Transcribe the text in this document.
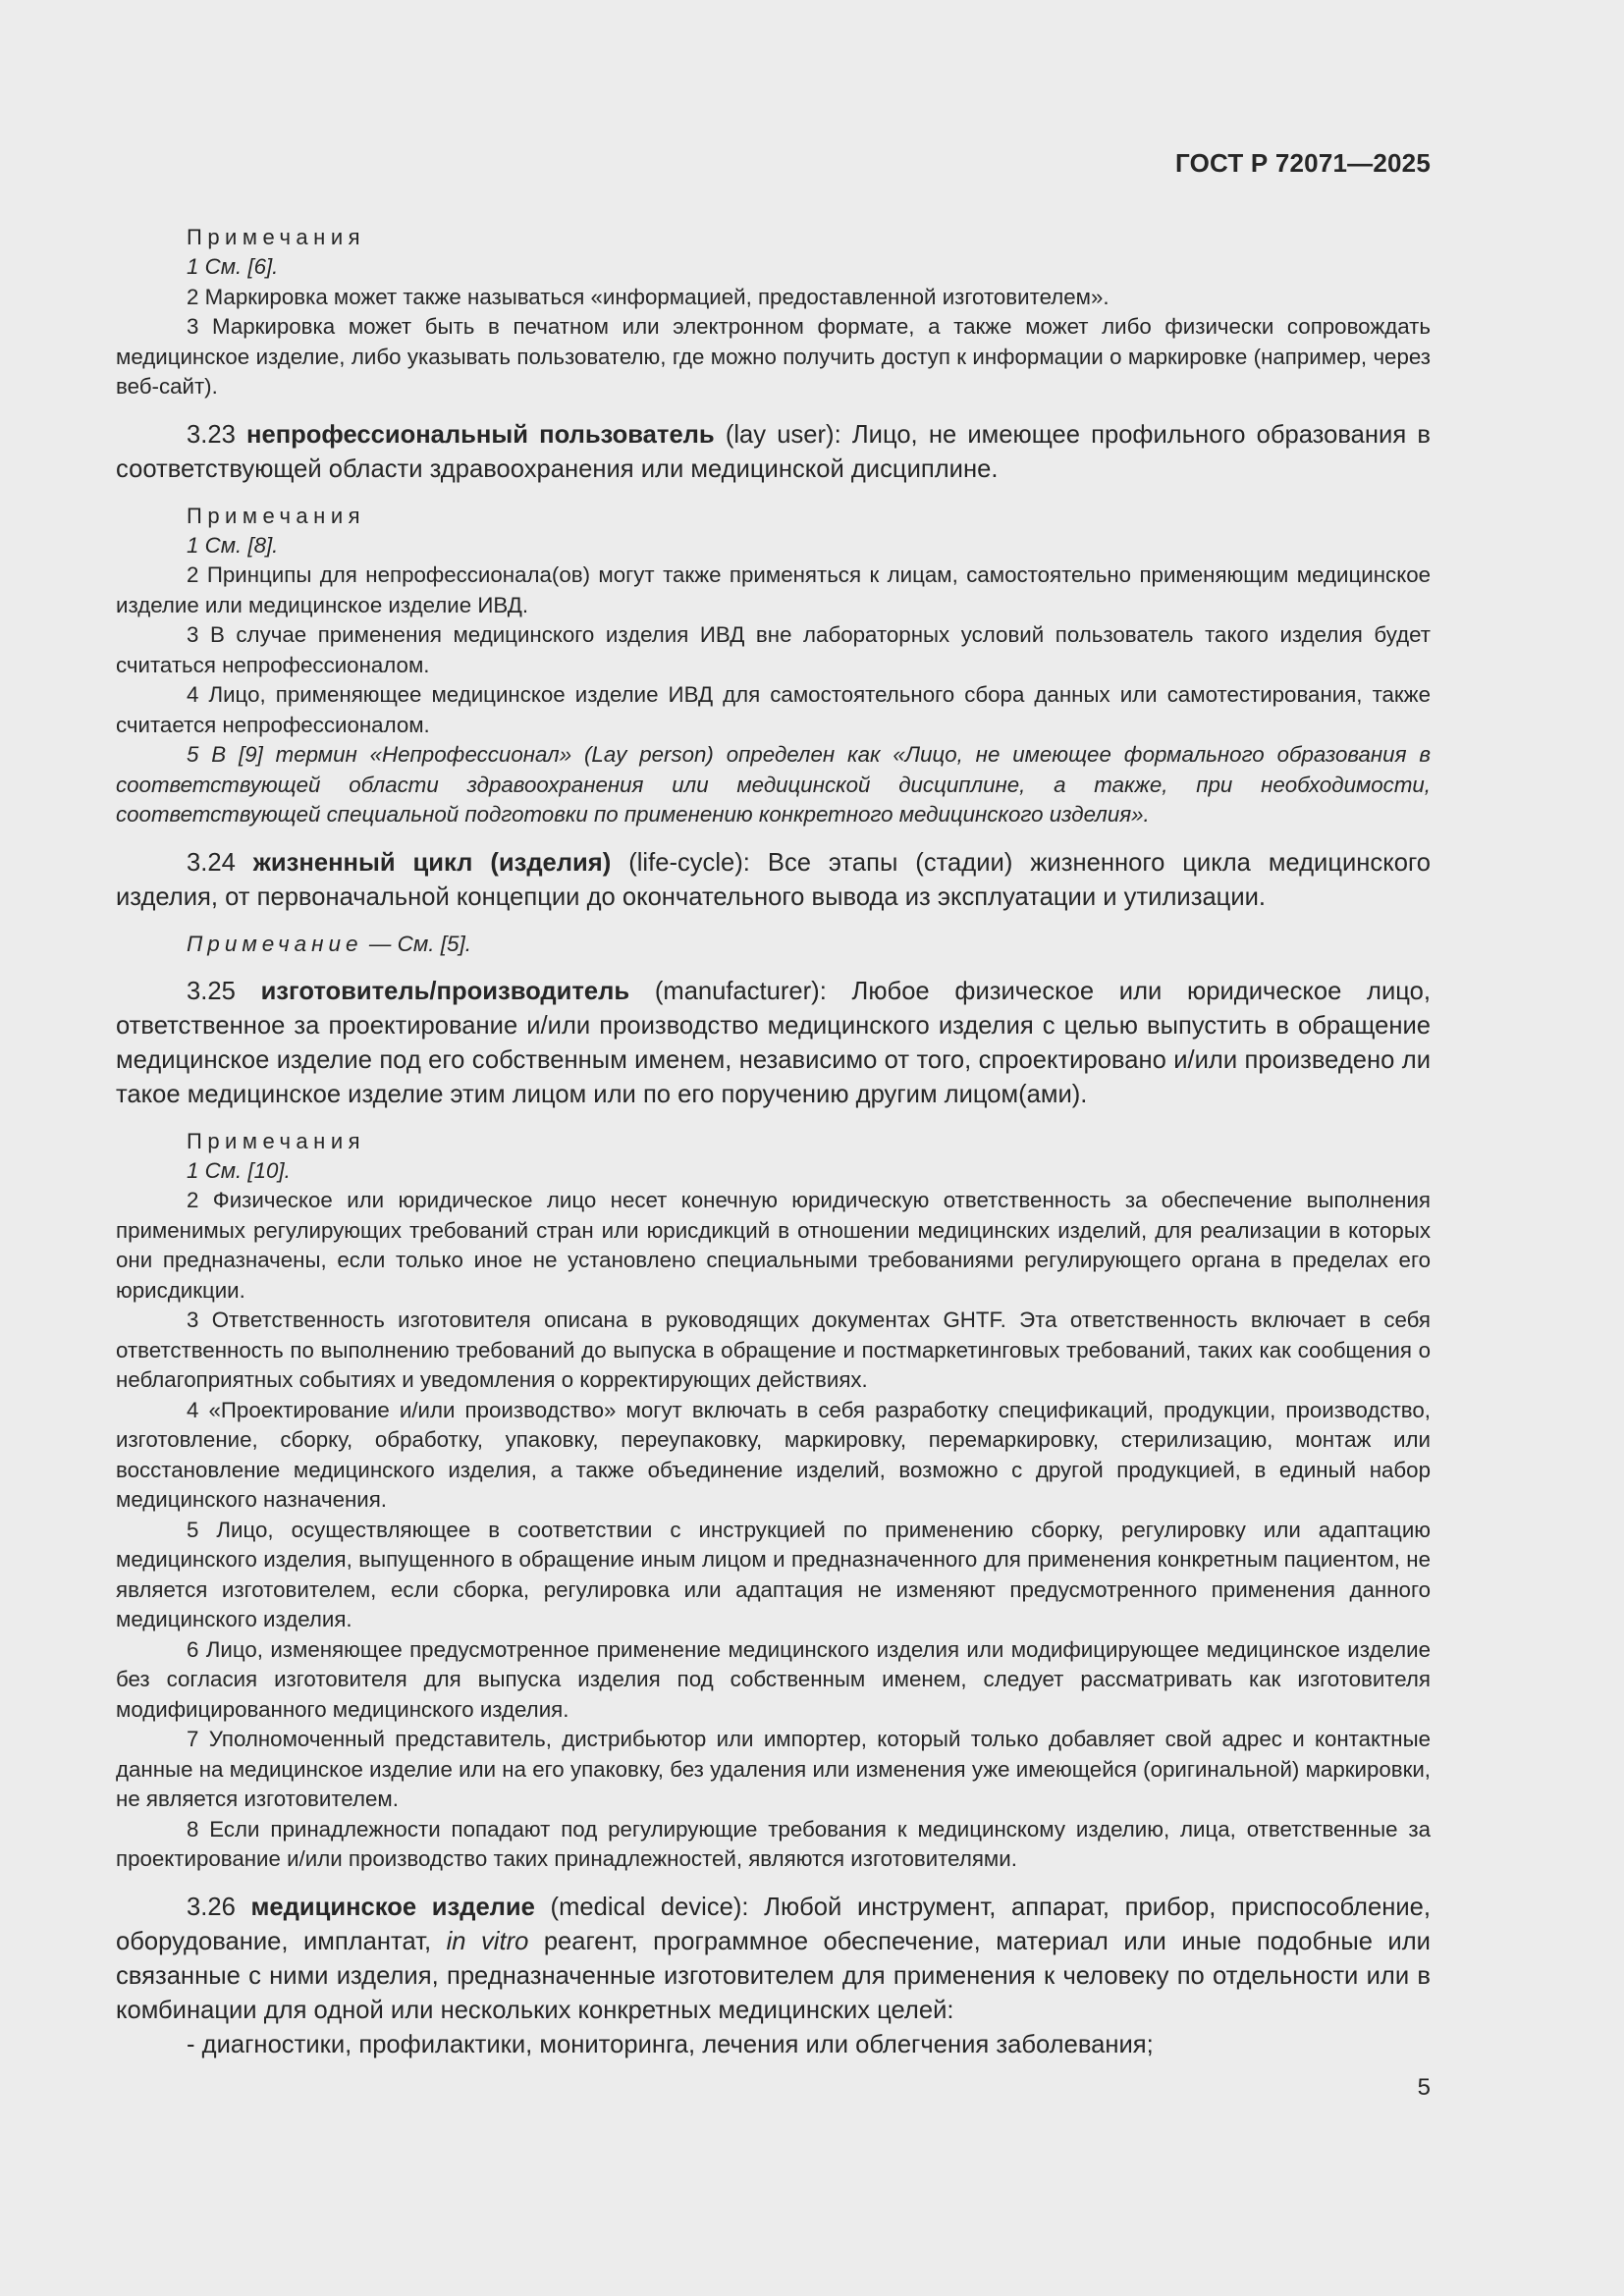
ГОСТ Р 72071—2025

Примечания

1 См. [6].

2 Маркировка может также называться «информацией, предоставленной изготовителем».

3 Маркировка может быть в печатном или электронном формате, а также может либо физически сопровождать медицинское изделие, либо указывать пользователю, где можно получить доступ к информации о маркировке (например, через веб-сайт).

3.23 непрофессиональный пользователь (lay user): Лицо, не имеющее профильного образования в соответствующей области здравоохранения или медицинской дисциплине.

Примечания

1 См. [8].

2 Принципы для непрофессионала(ов) могут также применяться к лицам, самостоятельно применяющим медицинское изделие или медицинское изделие ИВД.

3 В случае применения медицинского изделия ИВД вне лабораторных условий пользователь такого изделия будет считаться непрофессионалом.

4 Лицо, применяющее медицинское изделие ИВД для самостоятельного сбора данных или самотестирования, также считается непрофессионалом.

5 В [9] термин «Непрофессионал» (Lay person) определен как «Лицо, не имеющее формального образования в соответствующей области здравоохранения или медицинской дисциплине, а также, при необходимости, соответствующей специальной подготовки по применению конкретного медицинского изделия».

3.24 жизненный цикл (изделия) (life-cycle): Все этапы (стадии) жизненного цикла медицинского изделия, от первоначальной концепции до окончательного вывода из эксплуатации и утилизации.

Примечание — См. [5].

3.25 изготовитель/производитель (manufacturer): Любое физическое или юридическое лицо, ответственное за проектирование и/или производство медицинского изделия с целью выпустить в обращение медицинское изделие под его собственным именем, независимо от того, спроектировано и/или произведено ли такое медицинское изделие этим лицом или по его поручению другим лицом(ами).

Примечания

1 См. [10].

2 Физическое или юридическое лицо несет конечную юридическую ответственность за обеспечение выполнения применимых регулирующих требований стран или юрисдикций в отношении медицинских изделий, для реализации в которых они предназначены, если только иное не установлено специальными требованиями регулирующего органа в пределах его юрисдикции.

3 Ответственность изготовителя описана в руководящих документах GHTF. Эта ответственность включает в себя ответственность по выполнению требований до выпуска в обращение и постмаркетинговых требований, таких как сообщения о неблагоприятных событиях и уведомления о корректирующих действиях.

4 «Проектирование и/или производство» могут включать в себя разработку спецификаций, продукции, производство, изготовление, сборку, обработку, упаковку, переупаковку, маркировку, перемаркировку, стерилизацию, монтаж или восстановление медицинского изделия, а также объединение изделий, возможно с другой продукцией, в единый набор медицинского назначения.

5 Лицо, осуществляющее в соответствии с инструкцией по применению сборку, регулировку или адаптацию медицинского изделия, выпущенного в обращение иным лицом и предназначенного для применения конкретным пациентом, не является изготовителем, если сборка, регулировка или адаптация не изменяют предусмотренного применения данного медицинского изделия.

6 Лицо, изменяющее предусмотренное применение медицинского изделия или модифицирующее медицинское изделие без согласия изготовителя для выпуска изделия под собственным именем, следует рассматривать как изготовителя модифицированного медицинского изделия.

7 Уполномоченный представитель, дистрибьютор или импортер, который только добавляет свой адрес и контактные данные на медицинское изделие или на его упаковку, без удаления или изменения уже имеющейся (оригинальной) маркировки, не является изготовителем.

8 Если принадлежности попадают под регулирующие требования к медицинскому изделию, лица, ответственные за проектирование и/или производство таких принадлежностей, являются изготовителями.

3.26 медицинское изделие (medical device): Любой инструмент, аппарат, прибор, приспособление, оборудование, имплантат, in vitro реагент, программное обеспечение, материал или иные подобные или связанные с ними изделия, предназначенные изготовителем для применения к человеку по отдельности или в комбинации для одной или нескольких конкретных медицинских целей:

- диагностики, профилактики, мониторинга, лечения или облегчения заболевания;

5
